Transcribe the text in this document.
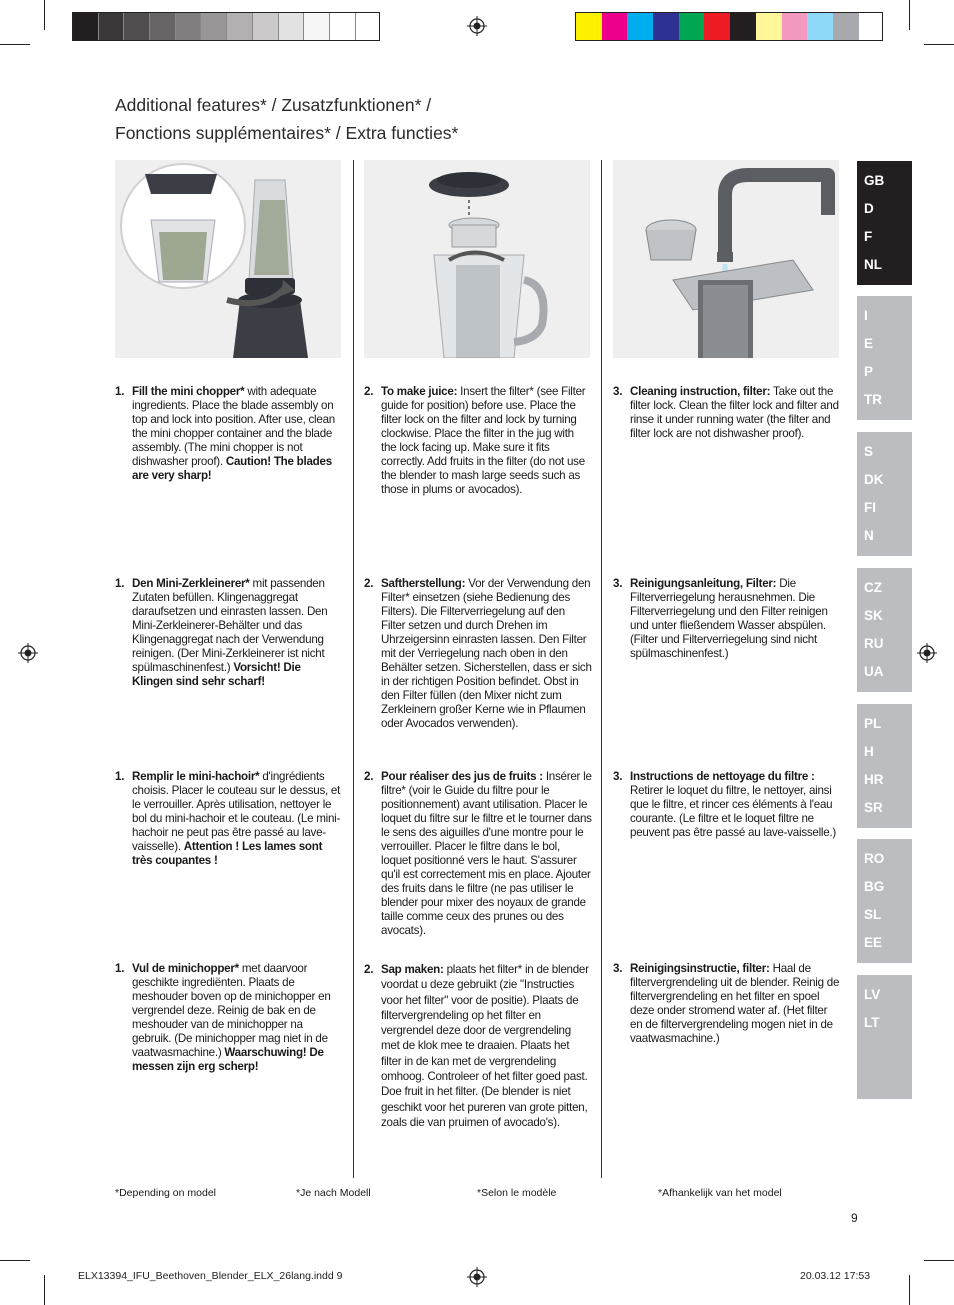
Additional features* / Zusatzfunktionen* /
Fonctions supplémentaires* / Extra functies*
1. Fill the mini chopper* with adequate ingredients. Place the blade assembly on top and lock into position. After use, clean the mini chopper container and the blade assembly. (The mini chopper is not dishwasher proof). Caution! The blades are very sharp!
2. To make juice: Insert the filter* (see Filter guide for position) before use. Place the filter lock on the filter and lock by turning clockwise. Place the filter in the jug with the lock facing up. Make sure it fits correctly. Add fruits in the filter (do not use the blender to mash large seeds such as those in plums or avocados).
3. Cleaning instruction, filter: Take out the filter lock. Clean the filter lock and filter and rinse it under running water (the filter and filter lock are not dishwasher proof).
1. Den Mini-Zerkleinerer* mit passenden Zutaten befüllen. Klingenaggregat daraufsetzen und einrasten lassen. Den Mini-Zerkleinerer-Behälter und das Klingenaggregat nach der Verwendung reinigen. (Der Mini-Zerkleinerer ist nicht spülmaschinenfest.) Vorsicht! Die Klingen sind sehr scharf!
2. Saftherstellung: Vor der Verwendung den Filter* einsetzen (siehe Bedienung des Filters). Die Filterverriegelung auf den Filter setzen und durch Drehen im Uhrzeigersinn einrasten lassen. Den Filter mit der Verriegelung nach oben in den Behälter setzen. Sicherstellen, dass er sich in der richtigen Position befindet. Obst in den Filter füllen (den Mixer nicht zum Zerkleinern großer Kerne wie in Pflaumen oder Avocados verwenden).
3. Reinigungsanleitung, Filter: Die Filterverriegelung herausnehmen. Die Filterverriegelung und den Filter reinigen und unter fließendem Wasser abspülen. (Filter und Filterverriegelung sind nicht spülmaschinenfest.)
1. Remplir le mini-hachoir* d'ingrédients choisis. Placer le couteau sur le dessus, et le verrouiller. Après utilisation, nettoyer le bol du mini-hachoir et le couteau. (Le mini-hachoir ne peut pas être passé au lave-vaisselle). Attention ! Les lames sont très coupantes !
2. Pour réaliser des jus de fruits : Insérer le filtre* (voir le Guide du filtre pour le positionnement) avant utilisation. Placer le loquet du filtre sur le filtre et le tourner dans le sens des aiguilles d'une montre pour le verrouiller. Placer le filtre dans le bol, loquet positionné vers le haut. S'assurer qu'il est correctement mis en place. Ajouter des fruits dans le filtre (ne pas utiliser le blender pour mixer des noyaux de grande taille comme ceux des prunes ou des avocats).
3. Instructions de nettoyage du filtre : Retirer le loquet du filtre, le nettoyer, ainsi que le filtre, et rincer ces éléments à l'eau courante. (Le filtre et le loquet filtre ne peuvent pas être passé au lave-vaisselle.)
1. Vul de minichopper* met daarvoor geschikte ingrediënten. Plaats de meshouder boven op de minichopper en vergrendel deze. Reinig de bak en de meshouder van de minichopper na gebruik. (De minichopper mag niet in de vaatwasmachine.) Waarschuwing! De messen zijn erg scherp!
2. Sap maken: plaats het filter* in de blender voordat u deze gebruikt (zie "Instructies voor het filter" voor de positie). Plaats de filtervergrendeling op het filter en vergrendel deze door de vergrendeling met de klok mee te draaien. Plaats het filter in de kan met de vergrendeling omhoog. Controleer of het filter goed past. Doe fruit in het filter. (De blender is niet geschikt voor het pureren van grote pitten, zoals die van pruimen of avocado's).
3. Reinigingsinstructie, filter: Haal de filtervergrendeling uit de blender. Reinig de filtervergrendeling en het filter en spoel deze onder stromend water af. (Het filter en de filtervergrendeling mogen niet in de vaatwasmachine.)
GB
D
F
NL
I
E
P
TR
S
DK
FI
N
CZ
SK
RU
UA
PL
H
HR
SR
RO
BG
SL
EE
LV
LT
*Depending on model	*Je nach Modell	*Selon le modèle	*Afhankelijk van het model
9
ELX13394_IFU_Beethoven_Blender_ELX_26lang.indd 9	20.03.12 17:53
